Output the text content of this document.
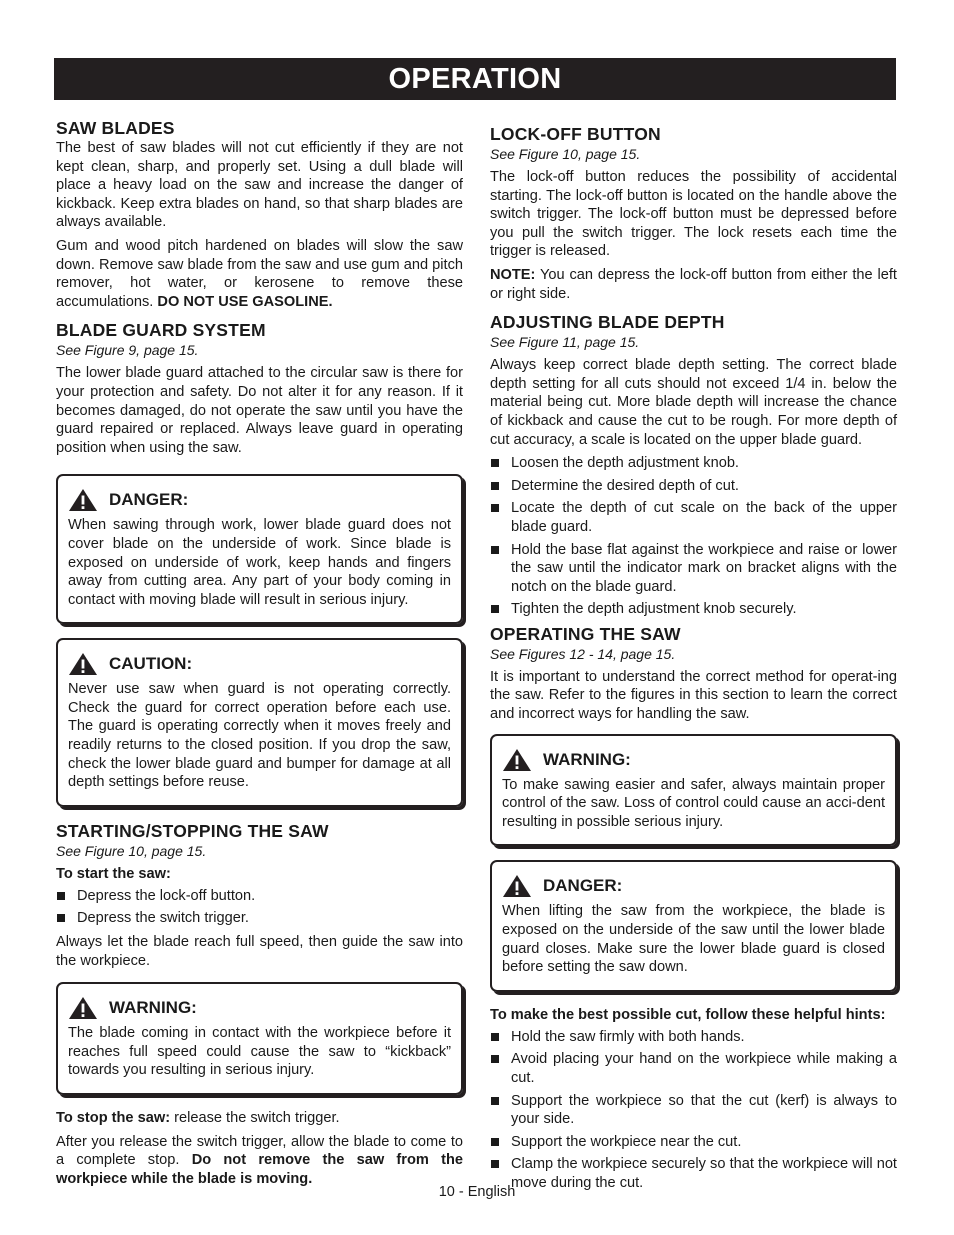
OPERATION
SAW BLADES

The best of saw blades will not cut efficiently if they are not kept clean, sharp, and properly set. Using a dull blade will place a heavy load on the saw and increase the danger of kickback. Keep extra blades on hand, so that sharp blades are always available.

Gum and wood pitch hardened on blades will slow the saw down. Remove saw blade from the saw and use gum and pitch remover, hot water, or kerosene to remove these accumulations. DO NOT USE GASOLINE.

BLADE GUARD SYSTEM
See Figure 9, page 15.

The lower blade guard attached to the circular saw is there for your protection and safety. Do not alter it for any reason. If it becomes damaged, do not operate the saw until you have the guard repaired or replaced. Always leave guard in operating position when using the saw.

DANGER:

When sawing through work, lower blade guard does not cover blade on the underside of work. Since blade is exposed on underside of work, keep hands and fingers away from cutting area. Any part of your body coming in contact with moving blade will result in serious injury.

CAUTION:

Never use saw when guard is not operating correctly. Check the guard for correct operation before each use. The guard is operating correctly when it moves freely and readily returns to the closed position. If you drop the saw, check the lower blade guard and bumper for damage at all depth settings before reuse.

STARTING/STOPPING THE SAW
See Figure 10, page 15.
To start the saw:
Depress the lock-off button.
Depress the switch trigger.

Always let the blade reach full speed, then guide the saw into the workpiece.

WARNING:

The blade coming in contact with the workpiece before it reaches full speed could cause the saw to “kickback” towards you resulting in serious injury.

To stop the saw: release the switch trigger.

After you release the switch trigger, allow the blade to come to a complete stop. Do not remove the saw from the workpiece while the blade is moving.

LOCK-OFF BUTTON
See Figure 10, page 15.

The lock-off button reduces the possibility of accidental starting. The lock-off button is located on the handle above the switch trigger. The lock-off button must be depressed before you pull the switch trigger. The lock resets each time the trigger is released.

NOTE: You can depress the lock-off button from either the left or right side.

ADJUSTING BLADE DEPTH
See Figure 11, page 15.

Always keep correct blade depth setting. The correct blade depth setting for all cuts should not exceed 1/4 in. below the material being cut. More blade depth will increase the chance of kickback and cause the cut to be rough. For more depth of cut accuracy, a scale is located on the upper blade guard.

Loosen the depth adjustment knob.
Determine the desired depth of cut.
Locate the depth of cut scale on the back of the upper blade guard.
Hold the base flat against the workpiece and raise or lower the saw until the indicator mark on bracket aligns with the notch on the blade guard.
Tighten the depth adjustment knob securely.
OPERATING THE SAW
See Figures 12 - 14, page 15.

It is important to understand the correct method for operat-ing the saw. Refer to the figures in this section to learn the correct and incorrect ways for handling the saw.

WARNING:

To make sawing easier and safer, always maintain proper control of the saw. Loss of control could cause an acci-dent resulting in possible serious injury.

DANGER:

When lifting the saw from the workpiece, the blade is exposed on the underside of the saw until the lower blade guard closes. Make sure the lower blade guard is closed before setting the saw down.

To make the best possible cut, follow these helpful hints:
Hold the saw firmly with both hands.
Avoid placing your hand on the workpiece while making a cut.
Support the workpiece so that the cut (kerf) is always to your side.
Support the workpiece near the cut.
Clamp the workpiece securely so that the workpiece will not move during the cut.
10 - English
